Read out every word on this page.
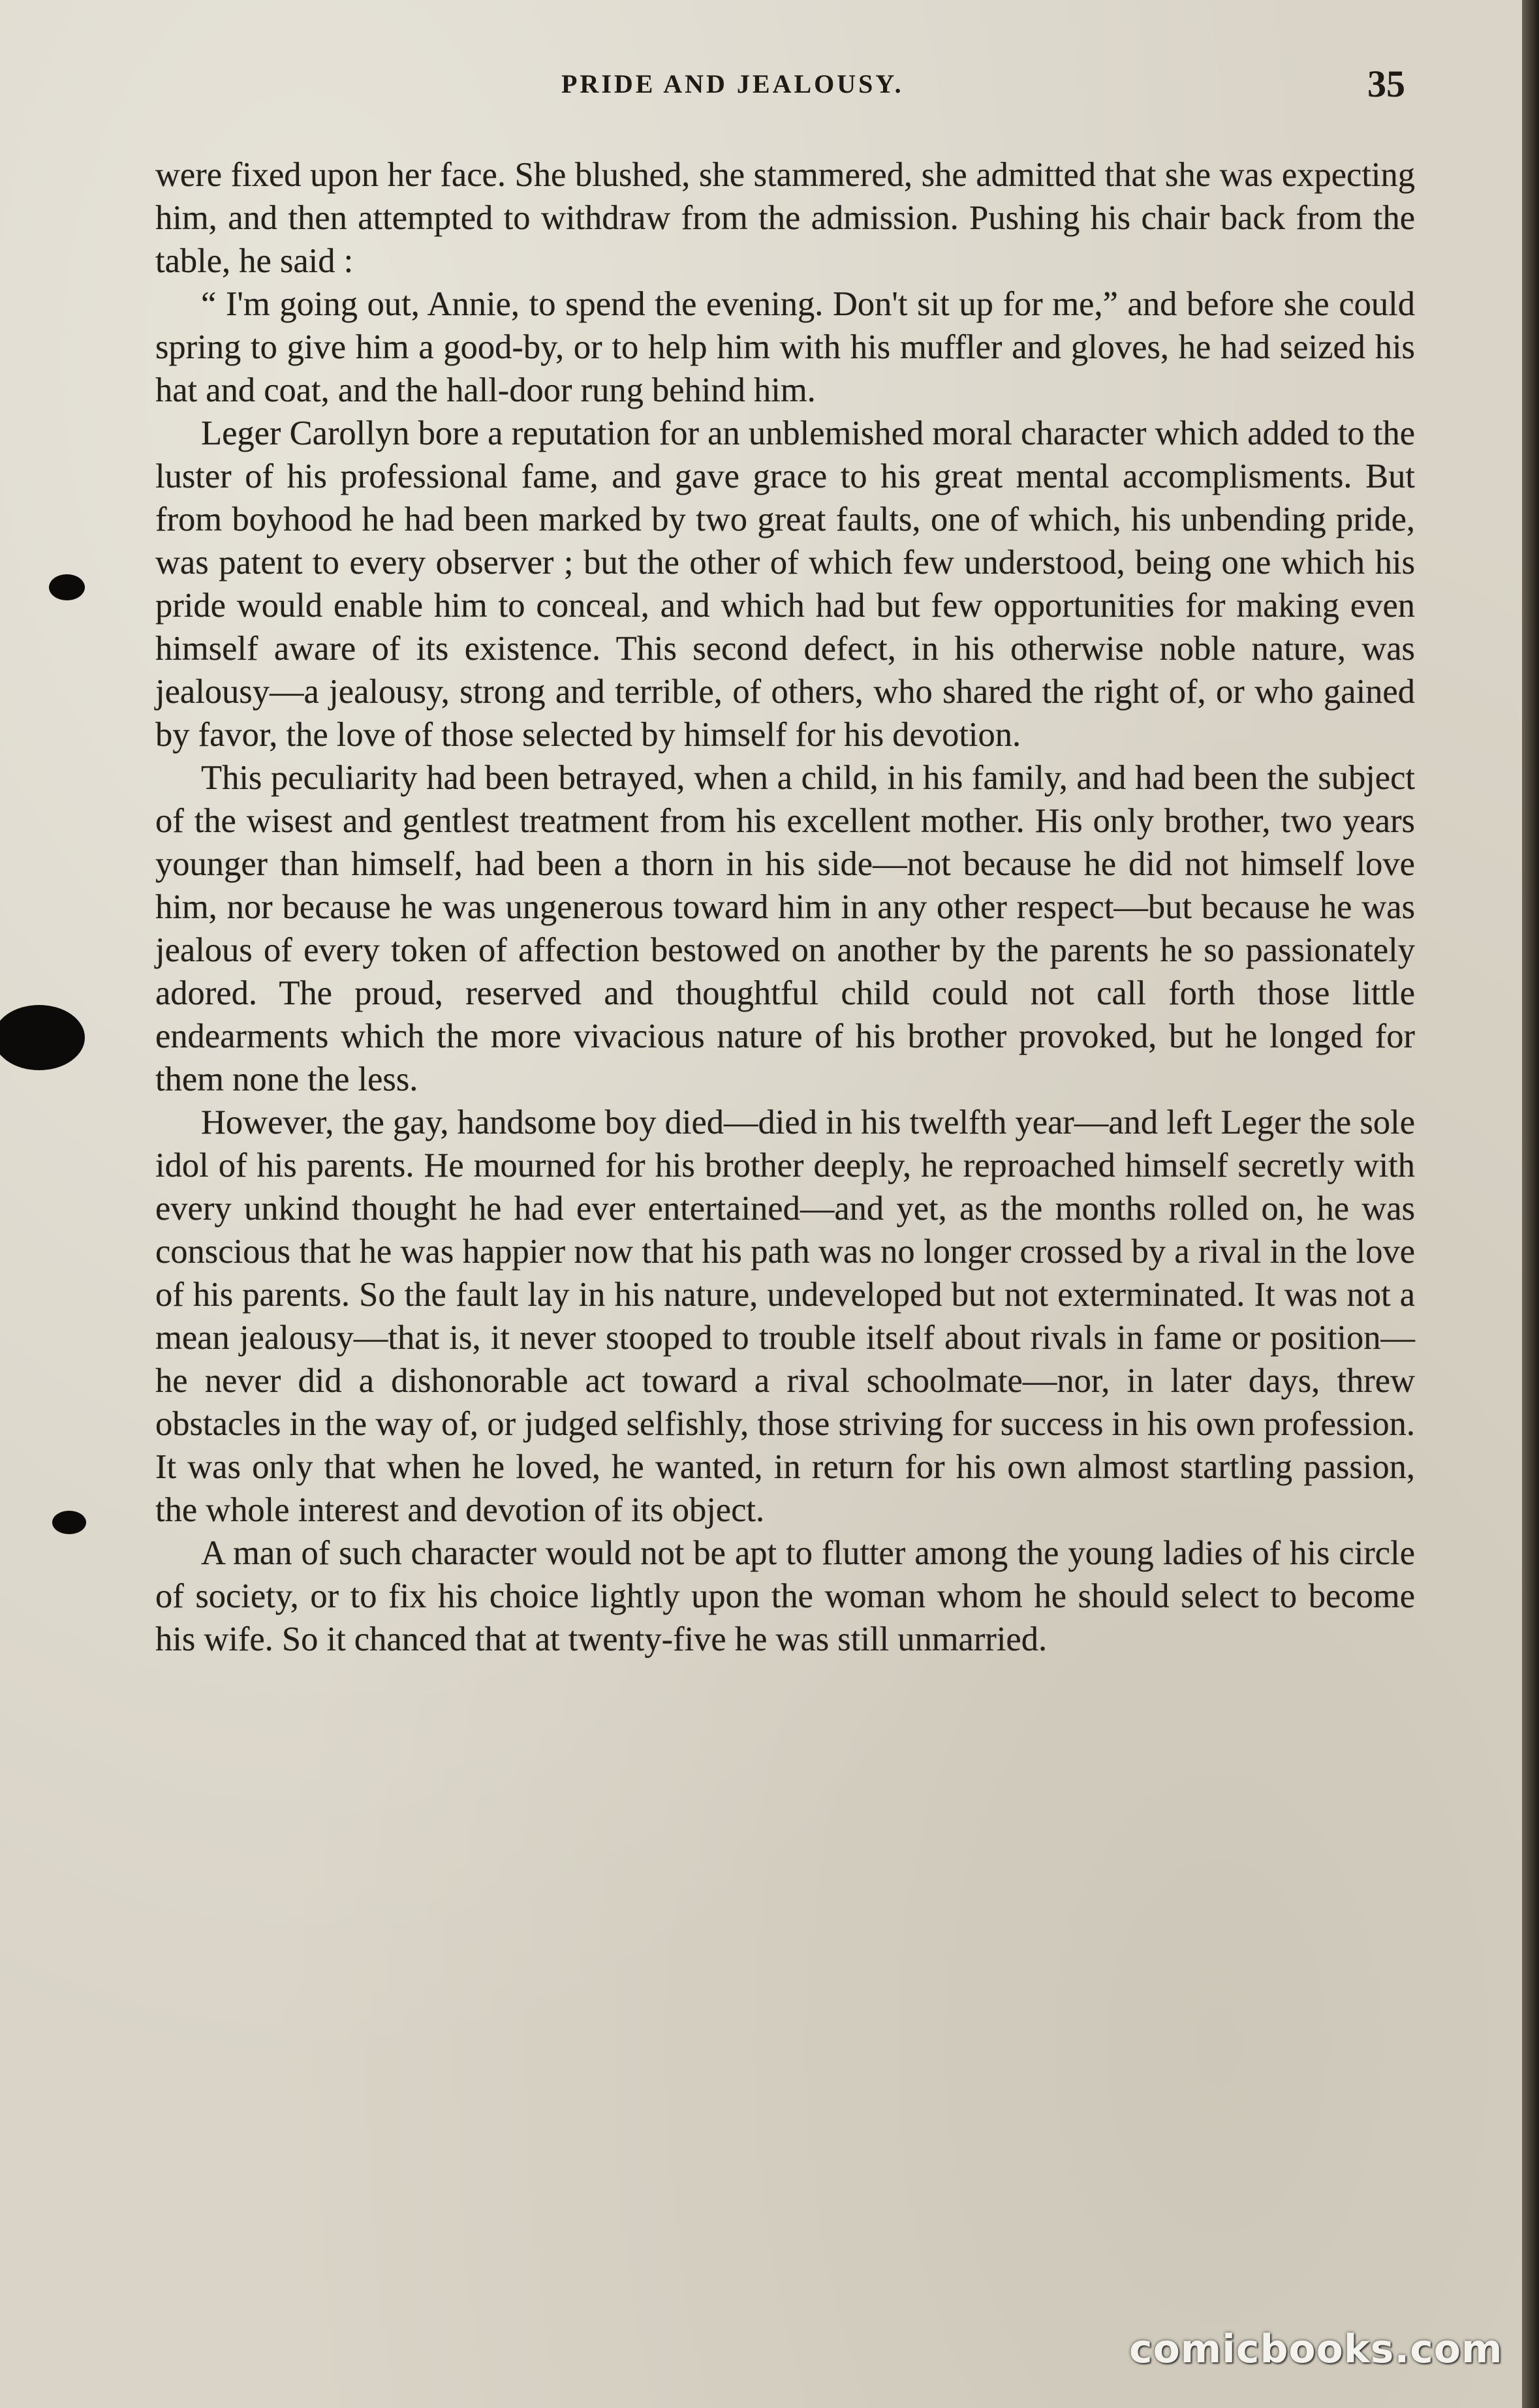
PRIDE AND JEALOUSY.	35

were fixed upon her face. She blushed, she stammered, she admitted that she was expecting him, and then attempted to withdraw from the admission. Pushing his chair back from the table, he said :

“ I'm going out, Annie, to spend the evening. Don't sit up for me,” and before she could spring to give him a good-by, or to help him with his muffler and gloves, he had seized his hat and coat, and the hall-door rung behind him.

Leger Carollyn bore a reputation for an unblemished moral character which added to the luster of his professional fame, and gave grace to his great mental accomplisments. But from boyhood he had been marked by two great faults, one of which, his unbending pride, was patent to every observer ; but the other of which few understood, being one which his pride would enable him to conceal, and which had but few opportunities for making even himself aware of its existence. This second defect, in his otherwise noble nature, was jealousy—a jealousy, strong and terrible, of others, who shared the right of, or who gained by favor, the love of those selected by himself for his devotion.

This peculiarity had been betrayed, when a child, in his family, and had been the subject of the wisest and gentlest treatment from his excellent mother. His only brother, two years younger than himself, had been a thorn in his side—not because he did not himself love him, nor because he was ungenerous toward him in any other respect—but because he was jealous of every token of affection bestowed on another by the parents he so passionately adored. The proud, reserved and thoughtful child could not call forth those little endearments which the more vivacious nature of his brother provoked, but he longed for them none the less.

However, the gay, handsome boy died—died in his twelfth year—and left Leger the sole idol of his parents. He mourned for his brother deeply, he reproached himself secretly with every unkind thought he had ever entertained—and yet, as the months rolled on, he was conscious that he was happier now that his path was no longer crossed by a rival in the love of his parents. So the fault lay in his nature, undeveloped but not exterminated. It was not a mean jealousy—that is, it never stooped to trouble itself about rivals in fame or position—he never did a dishonorable act toward a rival schoolmate—nor, in later days, threw obstacles in the way of, or judged selfishly, those striving for success in his own profession. It was only that when he loved, he wanted, in return for his own almost startling passion, the whole interest and devotion of its object.

A man of such character would not be apt to flutter among the young ladies of his circle of society, or to fix his choice lightly upon the woman whom he should select to become his wife. So it chanced that at twenty-five he was still unmarried.

comicbooks.com
